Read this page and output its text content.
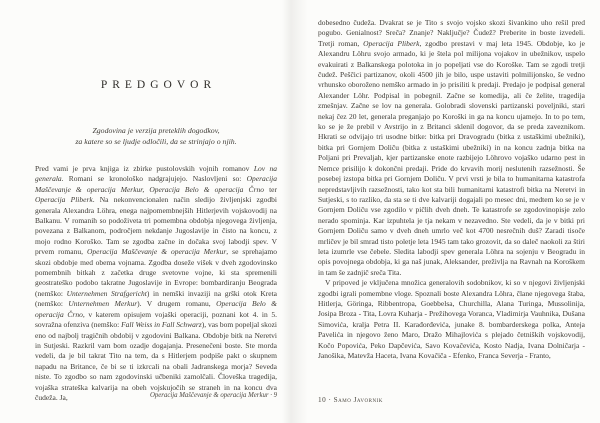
PREDGOVOR
Zgodovina je verzija preteklih dogodkov,
za katere so se ljudje odločili, da se strinjajo o njih.

Pred vami je prva knjiga iz zbirke pustolovskih vojnih romanov Lov na generala. Romani se kronološko nadgrajujejo. Naslovljeni so: Operacija Maščevanje & operacija Merkur, Operacija Belo & operacija Črno ter Operacija Pliberk. Na nekonvencionalen način sledijo življenjski zgodbi generala Alexandra Löhra, enega najpomembnejših Hitlerjevih vojskovodij na Balkanu. V romanih so podoživeta tri pomembna obdobja njegovega življenja, povezana z Balkanom, področjem nekdanje Jugoslavije in čisto na koncu, z mojo rodno Koroško. Tam se zgodba začne in dočaka svoj labodji spev. V prvem romanu, Operacija Maščevanje & operacija Merkur, se sprehajamo skozi obdobje med obema vojnama. Zgodba doseže višek v dveh zgodovinsko pomembnih bitkah z začetka druge svetovne vojne, ki sta spremenili geostrateško podobo takratne Jugoslavije in Evrope: bombardiranju Beograda (nemško: Unternehmen Strafgericht) in nemški invaziji na grški otok Kreta (nemško: Unternehmen Merkur). V drugem romanu, Operacija Belo & operacija Črno, v katerem opisujem vojaški operaciji, poznani kot 4. in 5. sovražna ofenziva (nemško: Fall Weiss in Fall Schwarz), vas bom popeljal skozi eno od najbolj tragičnih obdobij v zgodovini Balkana. Obdobje bitk na Neretvi in Sutjeski. Razkril vam bom ozadje dogajanja. Presenečeni boste. Ste morda vedeli, da je bil takrat Tito na tem, da s Hitlerjem podpiše pakt o skupnem napadu na Britance, če bi se ti izkrcali na obali Jadranskega morja? Seveda niste. To zgodbo so nam zgodovinski učbeniki zamolčali. Človeška tragedija, vojaška strateška kalvarija na obeh vojskujočih se straneh in na koncu dva čudeža. Ja,	Operacija Maščevanje & operacija Merkur · 9

dobesedno čudeža. Dvakrat se je Tito s svojo vojsko skozi šivankino uho rešil pred pogubo. Genialnost? Sreča? Znanje? Naključje? Čudež? Preberite in boste izvedeli. Tretji roman, Operacija Pliberk, zgodbo prestavi v maj leta 1945. Obdobje, ko je Alexandru Löhru svojo armado, ki je štela pol milijona vojakov in ubežnikov, uspelo evakuirati z Balkanskega polotoka in jo popeljati vse do Koroške. Tam se zgodi tretji čudež. Peščici partizanov, okoli 4500 jih je bilo, uspe ustaviti polmilijonsko, še vedno vrhunsko oboroženo nemško armado in jo prisiliti k predaji. Predajo je podpisal general Alexander Löhr. Podpisal in pobegnil. Začne se komedija, ali če želite, tragedija zmešnjav. Začne se lov na generala. Golobradi slovenski partizanski poveljniki, stari nekaj čez 20 let, generala preganjajo po Koroški in ga na koncu ujamejo. In to po tem, ko se je že prebil v Avstrijo in z Britanci sklenil dogovor, da se preda zaveznikom. Hkrati se odvijajo tri usodne bitke: bitka pri Dravogradu (bitka z ustaškimi ubežniki), bitka pri Gornjem Doliču (bitka z ustaškimi ubežniki) in na koncu zadnja bitka na Poljani pri Prevaljah, kjer partizanske enote razbijejo Löhrovo vojaško udarno pest in Nemce prisilijo k dokončni predaji. Pride do krvavih morij neslutenih razsežnosti. Še posebej izstopa bitka pri Gornjem Doliču. V prvi vrsti je bila to humanitarna katastrofa nepredstavljivih razsežnosti, tako kot sta bili humanitarni katastrofi bitka na Neretvi in Sutjeski, s to razliko, da sta se ti dve kalvariji dogajali po mesec dni, medtem ko se je v Gornjem Doliču vse zgodilo v pičlih dveh dneh. Te katastrofe se zgodovinopisje zelo nerado spominja. Kar izpuhtela je tja nekam v nezavedno. Ste vedeli, da je v bitki pri Gornjem Doliču samo v dveh dneh umrlo več kot 4700 nesrečnih duš? Zaradi tisoče mrličev je bil smrad tisto poletje leta 1945 tam tako grozovit, da so daleč naokoli za štiri leta izumrle vse čebele. Sledita labodji spev generala Löhra na sojenju v Beogradu in opis povojnega obdobja, ki ga naš junak, Aleksander, preživlja na Ravnah na Koroškem in tam še zadnjič sreča Tita.

V pripoved je vključena množica generalovih sodobnikov, ki so v njegovi življenjski zgodbi igrali pomembne vloge. Spoznali boste Alexandra Löhra, člane njegovega štaba, Hitlerja, Göringa, Ribbentropa, Goebbelsa, Churchilla, Alana Turinga, Mussolinija, Josipa Broza - Tita, Lovra Kuharja - Prežihovega Voranca, Vladimirja Vauhnika, Dušana Simovića, kralja Petra II. Karađorđevića, junake 8. bombarderskega polka, Anteja Pavelića in njegovo ženo Maro, Dražo Mihajlovića s plejado četniških vojskovodij, Kočo Popovića, Peko Dapčevića, Savo Kovačevića, Kosto Nadja, Ivana Dolničarja - Janošika, Matevža Haceta, Ivana Kovačiča - Efenko, Franca Severja - Franto,

10 · Samo Javornik
